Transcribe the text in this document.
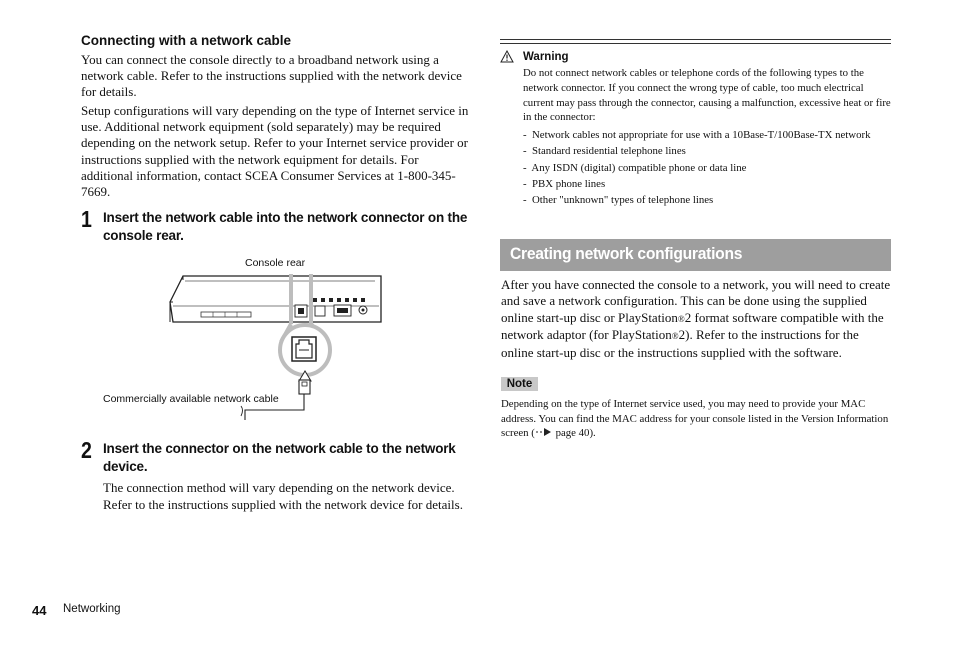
Connecting with a network cable

You can connect the console directly to a broadband network using a network cable. Refer to the instructions supplied with the network device for details.

Setup configurations will vary depending on the type of Internet service in use. Additional network equipment (sold separately) may be required depending on the network setup. Refer to your Internet service provider or instructions supplied with the network equipment for details. For additional information, contact SCEA Consumer Services at 1-800-345-7669.

1 Insert the network cable into the network connector on the console rear.
Console rear
Commercially available network cable
2 Insert the connector on the network cable to the network device.

The connection method will vary depending on the network device. Refer to the instructions supplied with the network device for details.

Warning

Do not connect network cables or telephone cords of the following types to the network connector. If you connect the wrong type of cable, too much electrical current may pass through the connector, causing a malfunction, excessive heat or fire in the connector:

-  Network cables not appropriate for use with a 10Base-T/100Base-TX network
-  Standard residential telephone lines
-  Any ISDN (digital) compatible phone or data line
-  PBX phone lines
-  Other "unknown" types of telephone lines
Creating network configurations

After you have connected the console to a network, you will need to create and save a network configuration. This can be done using the supplied online start-up disc or PlayStation®2 format software compatible with the network adaptor (for PlayStation®2). Refer to the instructions for the online start-up disc or the instructions supplied with the software.

Note

Depending on the type of Internet service used, you may need to provide your MAC address. You can find the MAC address for your console listed in the Version Information screen ( page 40).

44 Networking
